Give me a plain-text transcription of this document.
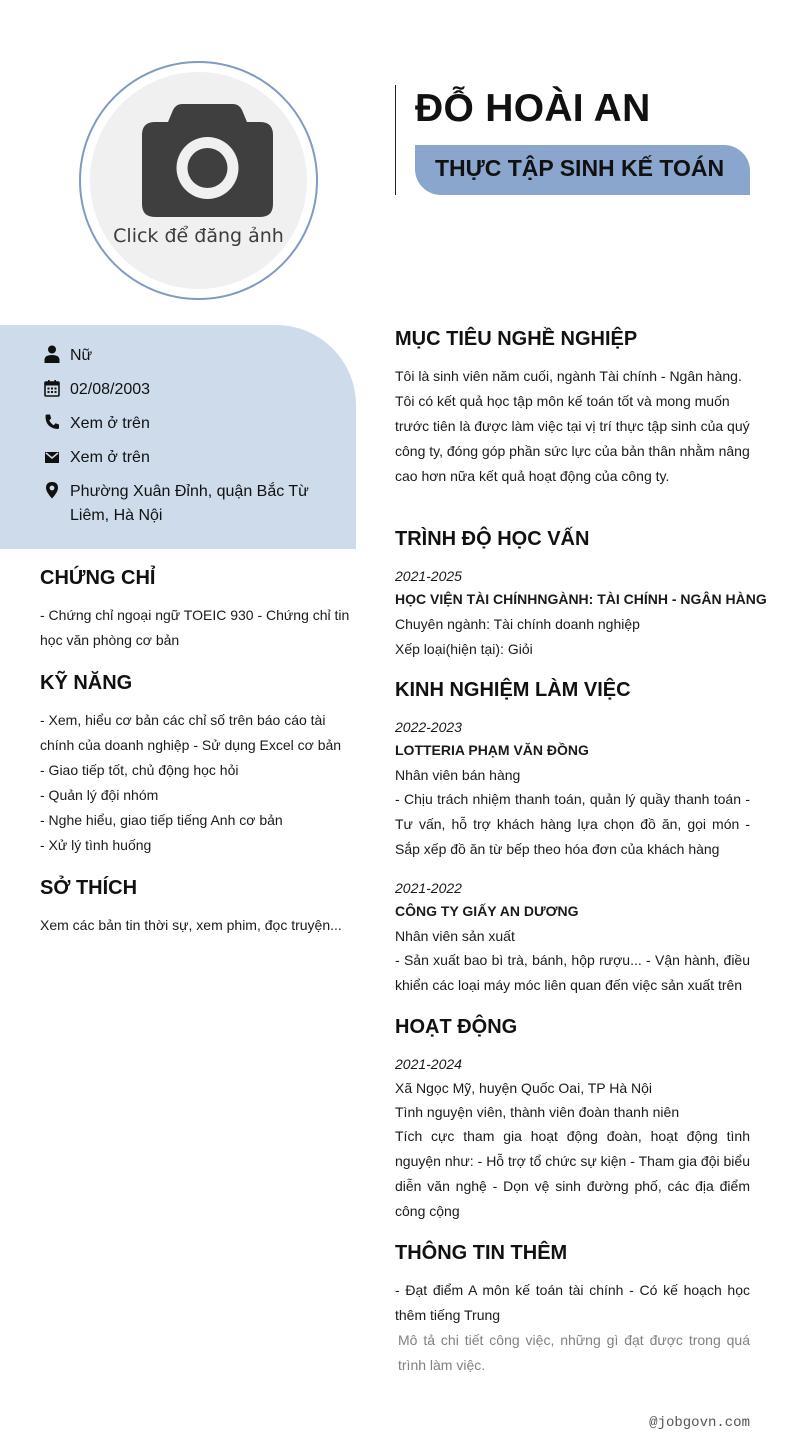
Click để đăng ảnh
ĐỖ HOÀI AN
THỰC TẬP SINH KẾ TOÁN
Nữ
02/08/2003
Xem ở trên
Xem ở trên
Phường Xuân Đỉnh, quận Bắc Từ
Liêm, Hà Nội
CHỨNG CHỈ
- Chứng chỉ ngoại ngữ TOEIC 930 - Chứng chỉ tin
học văn phòng cơ bản
KỸ NĂNG
- Xem, hiểu cơ bản các chỉ số trên báo cáo tài
chính của doanh nghiệp - Sử dụng Excel cơ bản
- Giao tiếp tốt, chủ động học hỏi
- Quản lý đội nhóm
- Nghe hiểu, giao tiếp tiếng Anh cơ bản
- Xử lý tình huống
SỞ THÍCH
Xem các bản tin thời sự, xem phim, đọc truyện...
MỤC TIÊU NGHỀ NGHIỆP
Tôi là sinh viên năm cuối, ngành Tài chính - Ngân hàng.
Tôi có kết quả học tập môn kế toán tốt và mong muốn
trước tiên là được làm việc tại vị trí thực tập sinh của quý
công ty, đóng góp phần sức lực của bản thân nhằm nâng
cao hơn nữa kết quả hoạt động của công ty.
TRÌNH ĐỘ HỌC VẤN
2021-2025
HỌC VIỆN TÀI CHÍNHNGÀNH: TÀI CHÍNH - NGÂN HÀNG
Chuyên ngành: Tài chính doanh nghiệp
Xếp loại(hiện tại): Giỏi
KINH NGHIỆM LÀM VIỆC
2022-2023
LOTTERIA PHẠM VĂN ĐỒNG
Nhân viên bán hàng
- Chịu trách nhiệm thanh toán, quản lý quầy thanh toán - Tư vấn, hỗ trợ khách hàng lựa chọn đồ ăn, gọi món - Sắp xếp đồ ăn từ bếp theo hóa đơn của khách hàng
2021-2022
CÔNG TY GIẤY AN DƯƠNG
Nhân viên sản xuất
- Sản xuất bao bì trà, bánh, hộp rượu... - Vận hành, điều khiển các loại máy móc liên quan đến việc sản xuất trên
HOẠT ĐỘNG
2021-2024
Xã Ngọc Mỹ, huyện Quốc Oai, TP Hà Nội
Tình nguyện viên, thành viên đoàn thanh niên
Tích cực tham gia hoạt động đoàn, hoạt động tình nguyện như: - Hỗ trợ tổ chức sự kiện - Tham gia đội biểu diễn văn nghệ - Dọn vệ sinh đường phố, các địa điểm công cộng
THÔNG TIN THÊM
- Đạt điểm A môn kế toán tài chính - Có kế hoạch học thêm tiếng Trung
Mô tả chi tiết công việc, những gì đạt được trong quá trình làm việc.
@jobgovn.com
